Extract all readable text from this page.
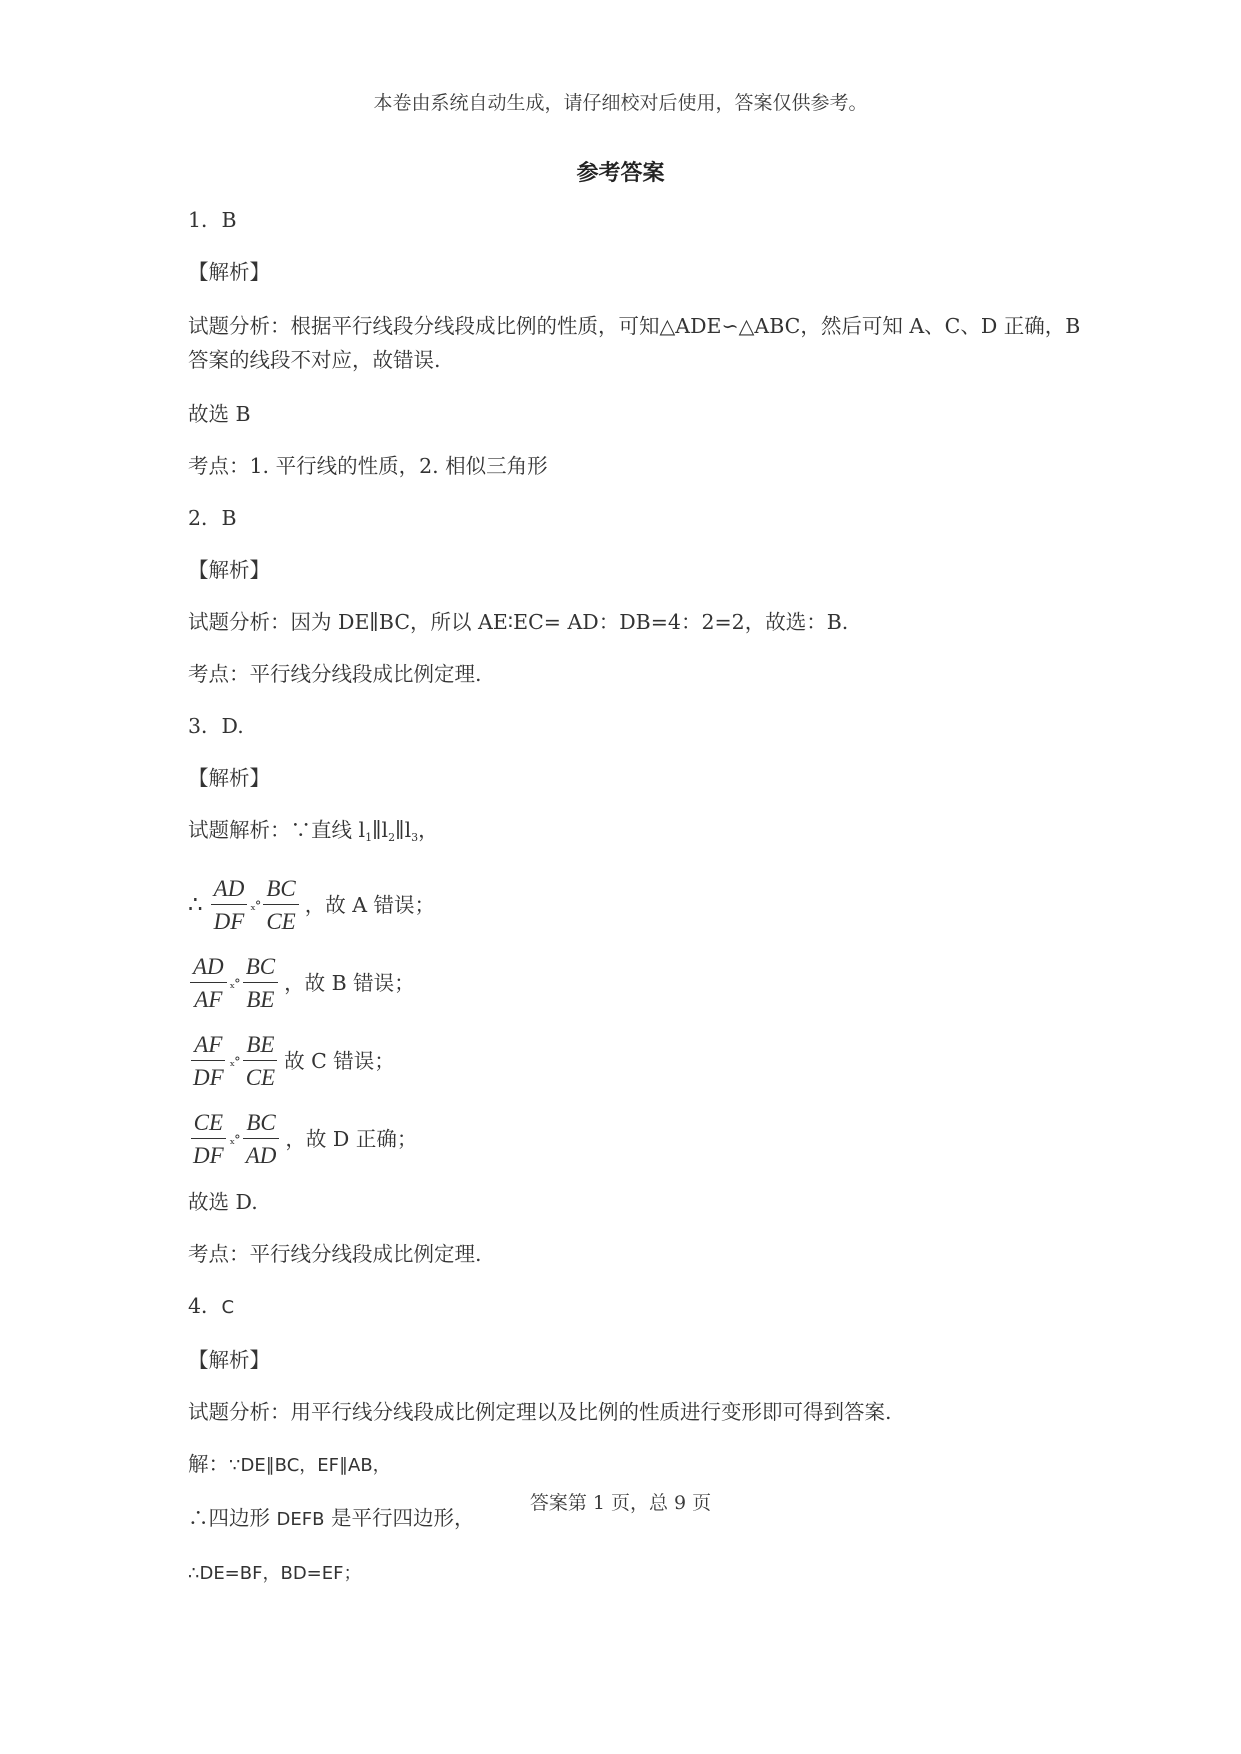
本卷由系统自动生成，请仔细校对后使用，答案仅供参考。
参考答案

1．B

【解析】

试题分析：根据平行线段分线段成比例的性质，可知△ADE∽△ABC，然后可知 A、C、D 正确，B 答案的线段不对应，故错误.

故选 B

考点：1. 平行线的性质，2. 相似三角形

2．B

【解析】

试题分析：因为 DE∥BC，所以 AE∶EC= AD：DB=4：2=2，故选：B.

考点：平行线分线段成比例定理.

3．D.

【解析】

试题解析：∵直线 $l_1\parallel l_2\parallel l_3$，

∴ $\frac{AD}{DF} _x^\circ \frac{BC}{CE}$ ，故 A 错误；
$\frac{AD}{AF} _x^\circ \frac{BC}{BE}$ ，故 B 错误；
$\frac{AF}{DF} _x^\circ \frac{BE}{CE}$ 故 C 错误；
$\frac{CE}{DF} _x^\circ \frac{BC}{AD}$ ，故 D 正确；

故选 D.

考点：平行线分线段成比例定理.

4．C

【解析】

试题分析：用平行线分线段成比例定理以及比例的性质进行变形即可得到答案.

解：∵DE∥BC，EF∥AB，

∴四边形 DEFB 是平行四边形，

∴DE=BF，BD=EF；

答案第 1 页，总 9 页
